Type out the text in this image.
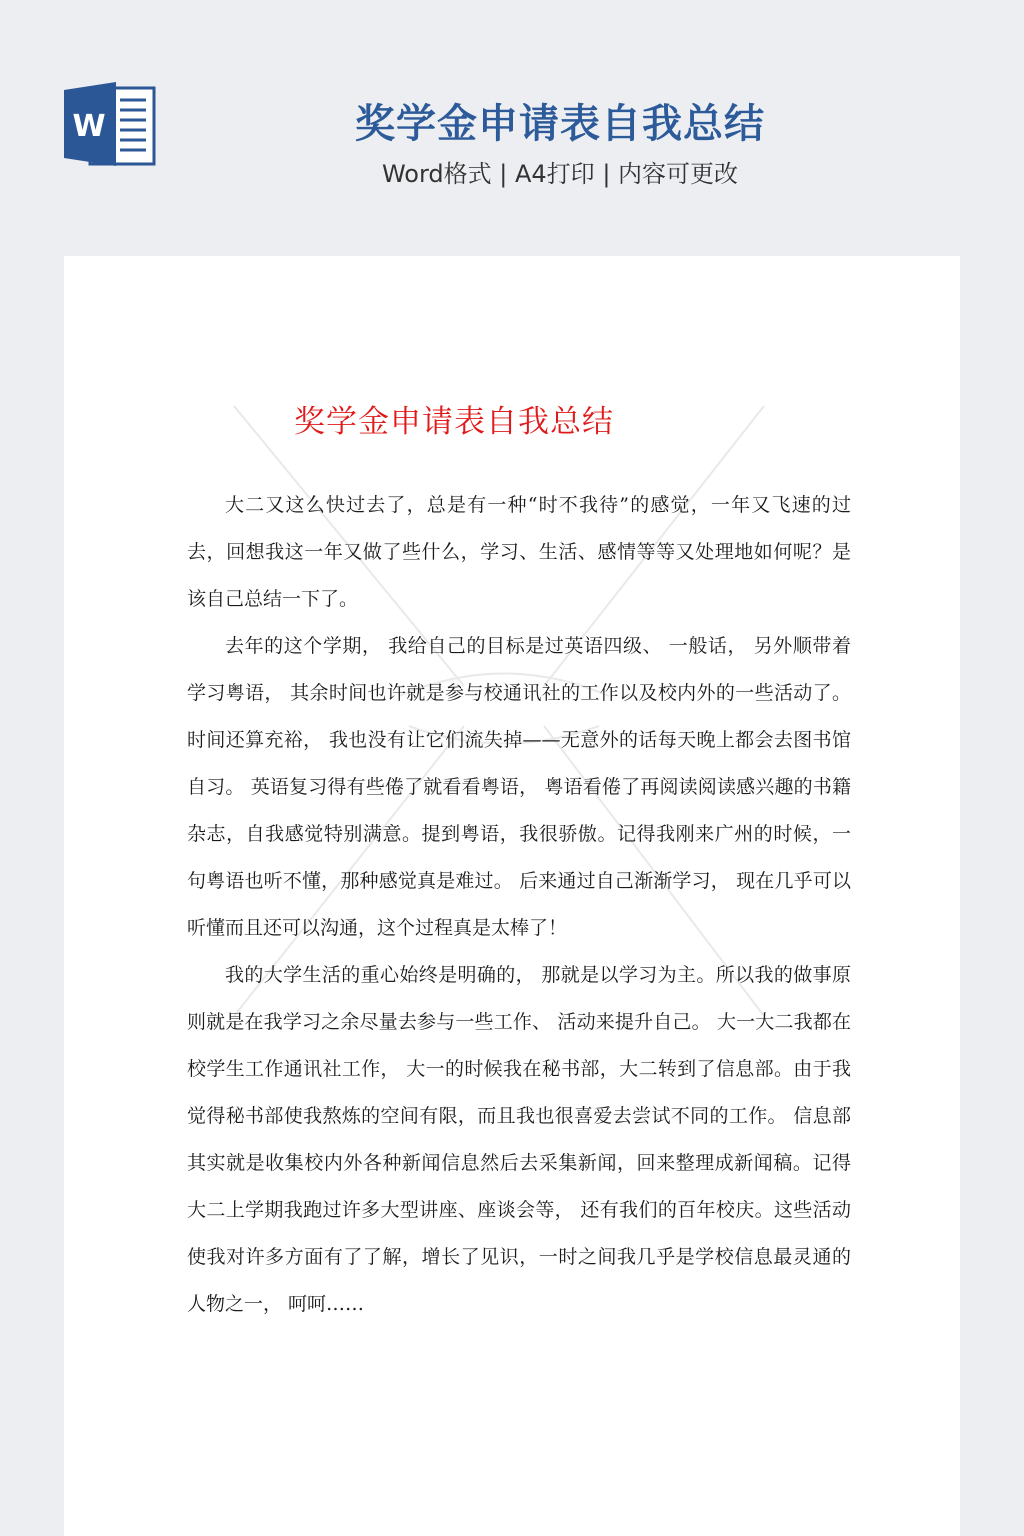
W	奖学金申请表自我总结
Word格式 | A4打印 | 内容可更改
奖学金申请表自我总结

大二又这么快过去了，总是有一种“时不我待”的感觉，一年又飞速的过去，回想我这一年又做了些什么，学习、生活、感情等等又处理地如何呢？是该自己总结一下了。

去年的这个学期， 我给自己的目标是过英语四级、 一般话， 另外顺带着学习粤语， 其余时间也许就是参与校通讯社的工作以及校内外的一些活动了。 时间还算充裕， 我也没有让它们流失掉——无意外的话每天晚上都会去图书馆自习。 英语复习得有些倦了就看看粤语， 粤语看倦了再阅读阅读感兴趣的书籍杂志，自我感觉特别满意。提到粤语，我很骄傲。记得我刚来广州的时候，一句粤语也听不懂，那种感觉真是难过。 后来通过自己渐渐学习， 现在几乎可以听懂而且还可以沟通，这个过程真是太棒了！

我的大学生活的重心始终是明确的， 那就是以学习为主。所以我的做事原则就是在我学习之余尽量去参与一些工作、 活动来提升自己。 大一大二我都在校学生工作通讯社工作， 大一的时候我在秘书部，大二转到了信息部。由于我觉得秘书部使我熬炼的空间有限，而且我也很喜爱去尝试不同的工作。 信息部其实就是收集校内外各种新闻信息然后去采集新闻，回来整理成新闻稿。记得大二上学期我跑过许多大型讲座、座谈会等， 还有我们的百年校庆。这些活动使我对许多方面有了了解，增长了见识，一时之间我几乎是学校信息最灵通的人物之一， 呵呵……
